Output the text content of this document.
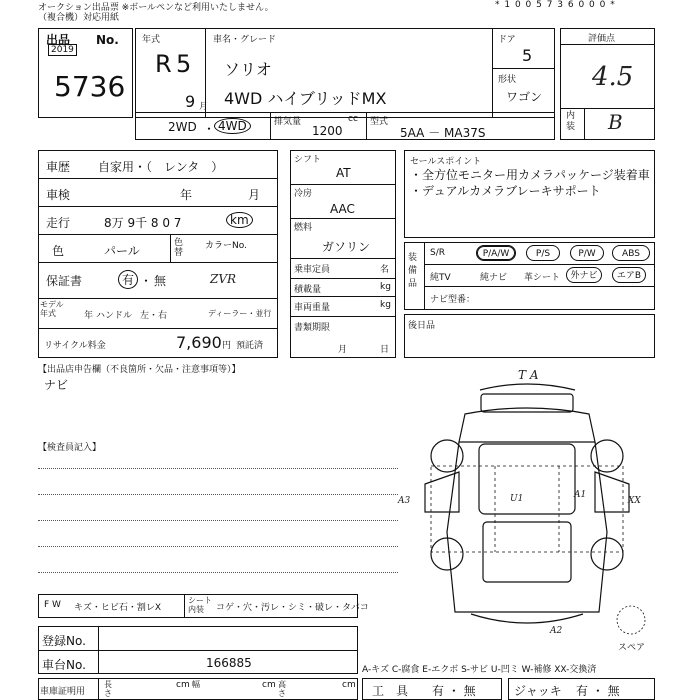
オークション出品票 ※ボールペンなど利用いたしません。
（複合機）対応用紙
* 1 0 0 5 7 3 6 0 0 0 *
出品 No.
2019
5736
年式
R 5
9 月
車名・グレード
ソリオ
4WD ハイブリッドMX
ドア
5
形状
ワゴン
2WD ・ 4WD	排気量	cc
1200
型式
5AA － MA37S
評価点
4.5
内装 B
車歴 自家用・（　レンタ　）
車検	年	月
走行	8万 9千 8 0 7	km
色	パール
色替
カラーNo.
保証書	有 ・ 無	ZVR
モデル年式	年 ハンドル 左・右	ディーラー・並行
リサイクル料金	7,690 円 預託済
シフト
AT
冷房
AAC
燃料
ガソリン
乗車定員	名
積載量	kg
車両重量	kg
書類期限
月	日
セールスポイント
・全方位モニター用カメラパッケージ装着車
・デュアルカメラブレーキサポート
装備品
S/R	P/A/W	P/S	P/W	ABS
純TV	純ナビ 革シート	外ナビ	エアB
ナビ型番：
後日品
【出品店申告欄（不良箇所・欠品・注意事項等）】
ナビ
【検査員記入】
T A
A3	U1	A1
XX
A2
スペア
F W キズ・ヒビ石・割レX
シート内装	コゲ・穴・汚レ・シミ・破レ・タバコ
登録No.
車台No.	166885
車庫証明用
長さ
cm 幅	cm 高さ
cm
A-キズ C-腐食 E-エクボ S-サビ U-凹ミ W-補修 XX-交換済
工　具 有 ・ 無	ジャッキ 有 ・ 無
